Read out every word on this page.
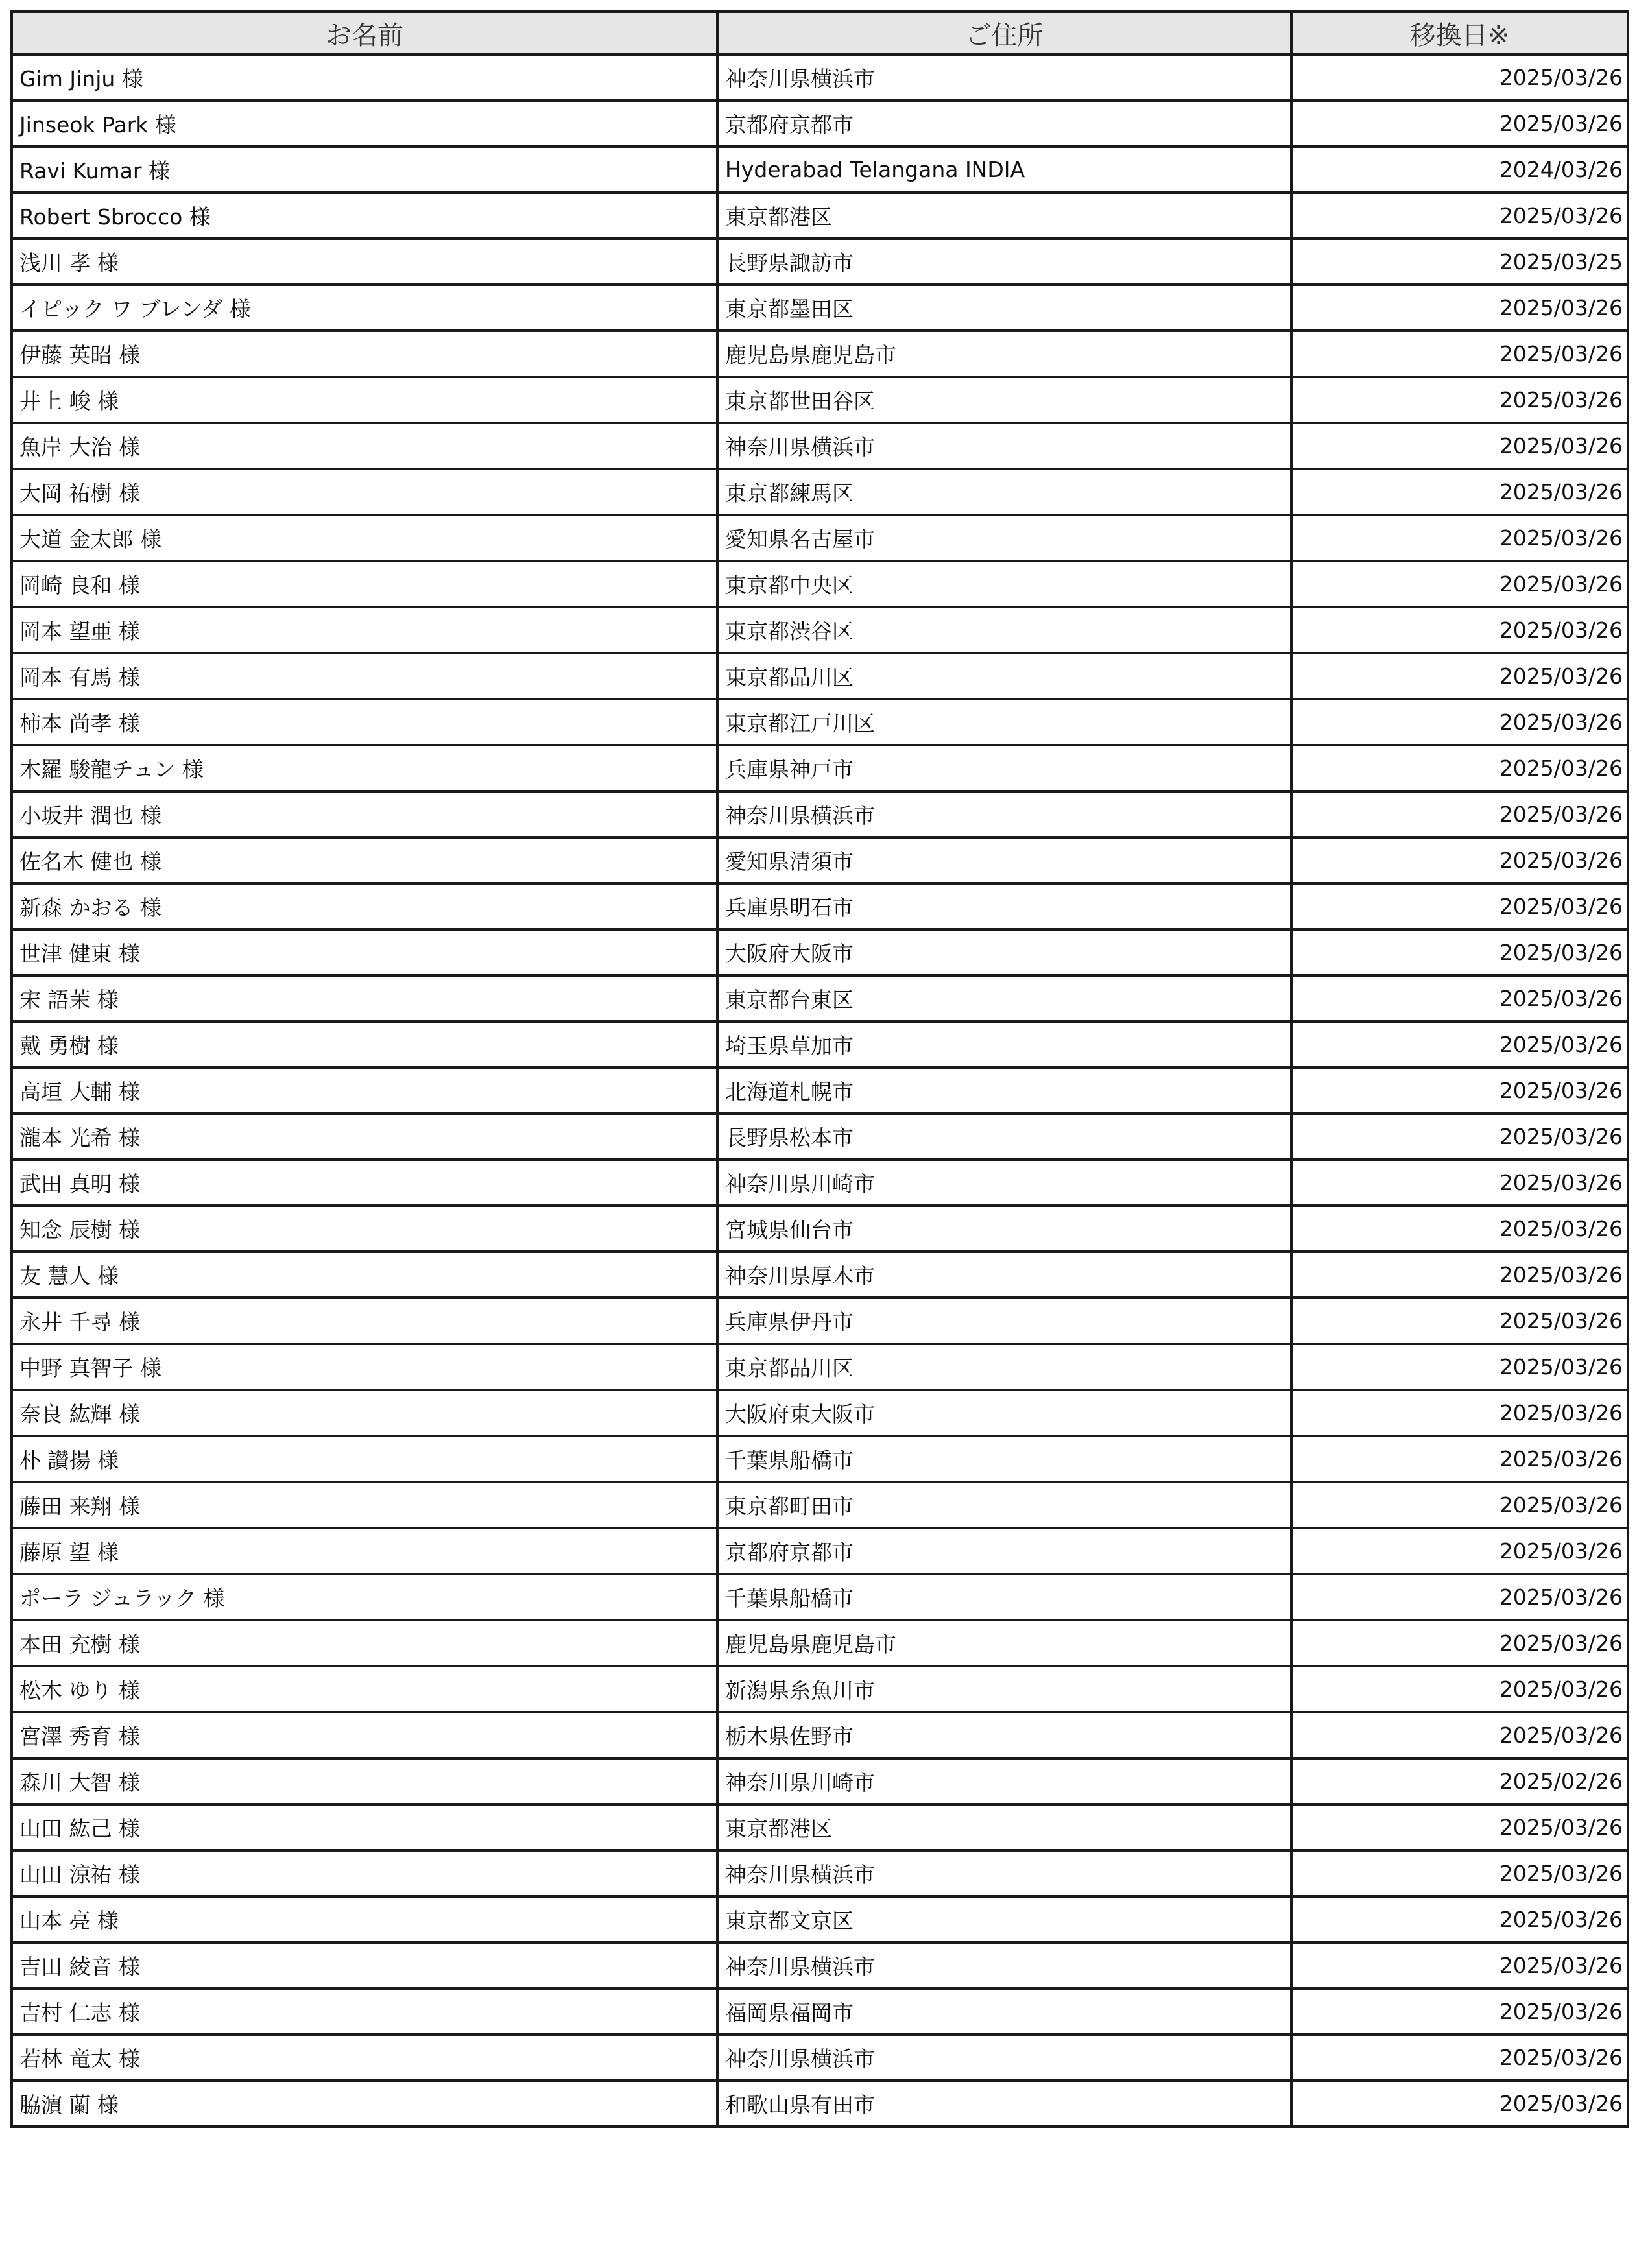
お名前	ご住所	移換日※
Gim Jinju 様	神奈川県横浜市	2025/03/26
Jinseok Park 様	京都府京都市	2025/03/26
Ravi Kumar 様	Hyderabad Telangana INDIA	2024/03/26
Robert Sbrocco 様	東京都港区	2025/03/26
浅川 孝 様	長野県諏訪市	2025/03/25
イピック ワ ブレンダ 様	東京都墨田区	2025/03/26
伊藤 英昭 様	鹿児島県鹿児島市	2025/03/26
井上 峻 様	東京都世田谷区	2025/03/26
魚岸 大治 様	神奈川県横浜市	2025/03/26
大岡 祐樹 様	東京都練馬区	2025/03/26
大道 金太郎 様	愛知県名古屋市	2025/03/26
岡崎 良和 様	東京都中央区	2025/03/26
岡本 望亜 様	東京都渋谷区	2025/03/26
岡本 有馬 様	東京都品川区	2025/03/26
柿本 尚孝 様	東京都江戸川区	2025/03/26
木羅 駿龍チュン 様	兵庫県神戸市	2025/03/26
小坂井 潤也 様	神奈川県横浜市	2025/03/26
佐名木 健也 様	愛知県清須市	2025/03/26
新森 かおる 様	兵庫県明石市	2025/03/26
世津 健東 様	大阪府大阪市	2025/03/26
宋 語茉 様	東京都台東区	2025/03/26
戴 勇樹 様	埼玉県草加市	2025/03/26
高垣 大輔 様	北海道札幌市	2025/03/26
瀧本 光希 様	長野県松本市	2025/03/26
武田 真明 様	神奈川県川崎市	2025/03/26
知念 辰樹 様	宮城県仙台市	2025/03/26
友 慧人 様	神奈川県厚木市	2025/03/26
永井 千尋 様	兵庫県伊丹市	2025/03/26
中野 真智子 様	東京都品川区	2025/03/26
奈良 紘輝 様	大阪府東大阪市	2025/03/26
朴 讃揚 様	千葉県船橋市	2025/03/26
藤田 来翔 様	東京都町田市	2025/03/26
藤原 望 様	京都府京都市	2025/03/26
ポーラ ジュラック 様	千葉県船橋市	2025/03/26
本田 充樹 様	鹿児島県鹿児島市	2025/03/26
松木 ゆり 様	新潟県糸魚川市	2025/03/26
宮澤 秀育 様	栃木県佐野市	2025/03/26
森川 大智 様	神奈川県川崎市	2025/02/26
山田 紘己 様	東京都港区	2025/03/26
山田 涼祐 様	神奈川県横浜市	2025/03/26
山本 亮 様	東京都文京区	2025/03/26
吉田 綾音 様	神奈川県横浜市	2025/03/26
吉村 仁志 様	福岡県福岡市	2025/03/26
若林 竜太 様	神奈川県横浜市	2025/03/26
脇濵 蘭 様	和歌山県有田市	2025/03/26
